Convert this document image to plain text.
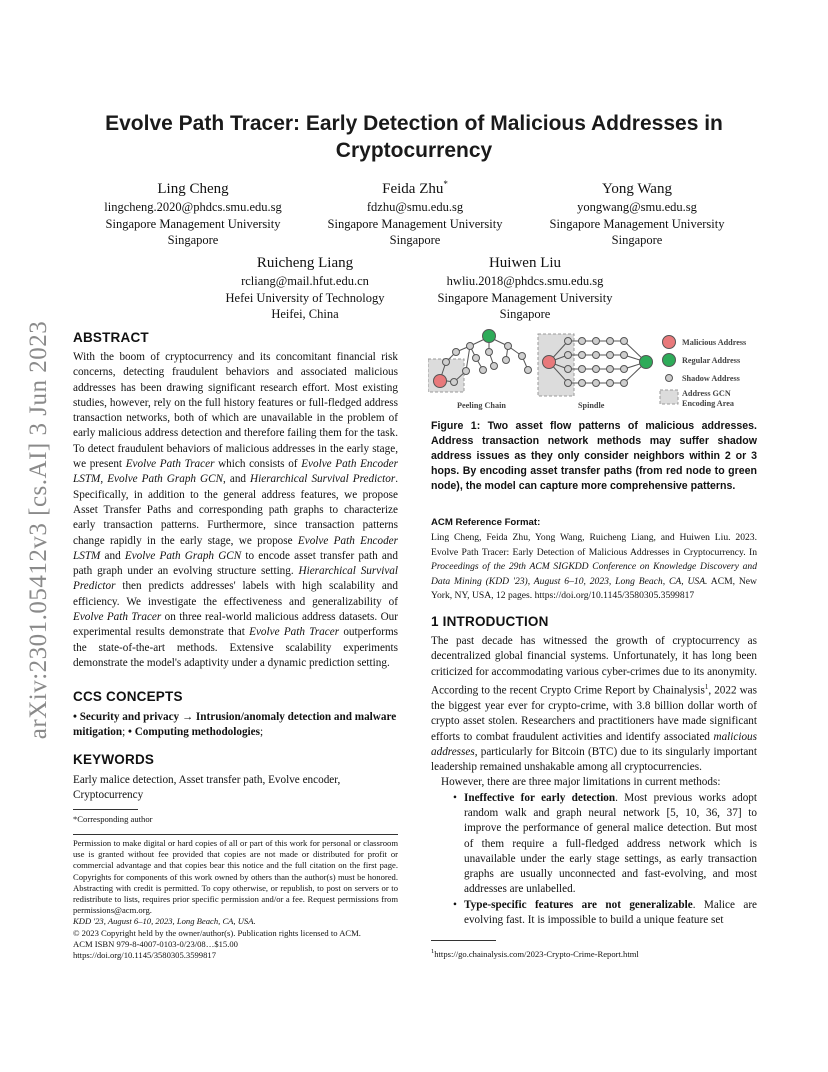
arXiv:2301.05412v3 [cs.AI] 3 Jun 2023
Evolve Path Tracer: Early Detection of Malicious Addresses in Cryptocurrency
Ling Cheng
lingcheng.2020@phdcs.smu.edu.sg
Singapore Management University
Singapore
Feida Zhu*
fdzhu@smu.edu.sg
Singapore Management University
Singapore
Yong Wang
yongwang@smu.edu.sg
Singapore Management University
Singapore
Ruicheng Liang
rcliang@mail.hfut.edu.cn
Hefei University of Technology
Heifei, China
Huiwen Liu
hwliu.2018@phdcs.smu.edu.sg
Singapore Management University
Singapore
ABSTRACT

With the boom of cryptocurrency and its concomitant financial risk concerns, detecting fraudulent behaviors and associated malicious addresses has been drawing significant research effort. Most existing studies, however, rely on the full history features or full-fledged address transaction networks, both of which are unavailable in the problem of early malicious address detection and therefore failing them for the task. To detect fraudulent behaviors of malicious addresses in the early stage, we present Evolve Path Tracer which consists of Evolve Path Encoder LSTM, Evolve Path Graph GCN, and Hierarchical Survival Predictor. Specifically, in addition to the general address features, we propose Asset Transfer Paths and corresponding path graphs to characterize early transaction patterns. Furthermore, since transaction patterns change rapidly in the early stage, we propose Evolve Path Encoder LSTM and Evolve Path Graph GCN to encode asset transfer path and path graph under an evolving structure setting. Hierarchical Survival Predictor then predicts addresses' labels with high scalability and efficiency. We investigate the effectiveness and generalizability of Evolve Path Tracer on three real-world malicious address datasets. Our experimental results demonstrate that Evolve Path Tracer outperforms the state-of-the-art methods. Extensive scalability experiments demonstrate the model's adaptivity under a dynamic prediction setting.

CCS CONCEPTS

• Security and privacy → Intrusion/anomaly detection and malware mitigation; • Computing methodologies;

KEYWORDS
Early malice detection, Asset transfer path, Evolve encoder, Cryptocurrency
*Corresponding author
Permission to make digital or hard copies of all or part of this work for personal or classroom use is granted without fee provided that copies are not made or distributed for profit or commercial advantage and that copies bear this notice and the full citation on the first page. Copyrights for components of this work owned by others than the author(s) must be honored. Abstracting with credit is permitted. To copy otherwise, or republish, to post on servers or to redistribute to lists, requires prior specific permission and/or a fee. Request permissions from permissions@acm.org.
KDD '23, August 6–10, 2023, Long Beach, CA, USA.
© 2023 Copyright held by the owner/author(s). Publication rights licensed to ACM.
ACM ISBN 979-8-4007-0103-0/23/08…$15.00
https://doi.org/10.1145/3580305.3599817
Malicious Address
Regular Address
Shadow Address
Address GCN
Encoding Area
Peeling Chain	Spindle
Figure 1: Two asset flow patterns of malicious addresses. Address transaction network methods may suffer shadow address issues as they only consider neighbors within 2 or 3 hops. By encoding asset transfer paths (from red node to green node), the model can capture more comprehensive patterns.
ACM Reference Format:
Ling Cheng, Feida Zhu, Yong Wang, Ruicheng Liang, and Huiwen Liu. 2023. Evolve Path Tracer: Early Detection of Malicious Addresses in Cryptocurrency. In Proceedings of the 29th ACM SIGKDD Conference on Knowledge Discovery and Data Mining (KDD '23), August 6–10, 2023, Long Beach, CA, USA. ACM, New York, NY, USA, 12 pages. https://doi.org/10.1145/3580305.3599817
1 INTRODUCTION

The past decade has witnessed the growth of cryptocurrency as decentralized global financial systems. Unfortunately, it has long been criticized for accommodating various cyber-crimes due to its anonymity. According to the recent Crypto Crime Report by Chainalysis$^1$, 2022 was the biggest year ever for crypto-crime, with 3.8 billion dollar worth of crypto asset stolen. Researchers and practitioners have made significant efforts to combat fraudulent activities and identify associated malicious addresses, particularly for Bitcoin (BTC) due to its singularly important leadership remained unshakable among all cryptocurrencies.

However, there are three major limitations in current methods:

• Ineffective for early detection. Most previous works adopt random walk and graph neural network [5, 10, 36, 37] to improve the performance of general malice detection. But most of them require a full-fledged address network which is unavailable under the early stage settings, as early transaction graphs are usually unconnected and fast-evolving, and most addresses are unlabelled.

• Type-specific features are not generalizable. Malice are evolving fast. It is impossible to build a unique feature set

$^1$https://go.chainalysis.com/2023-Crypto-Crime-Report.html
